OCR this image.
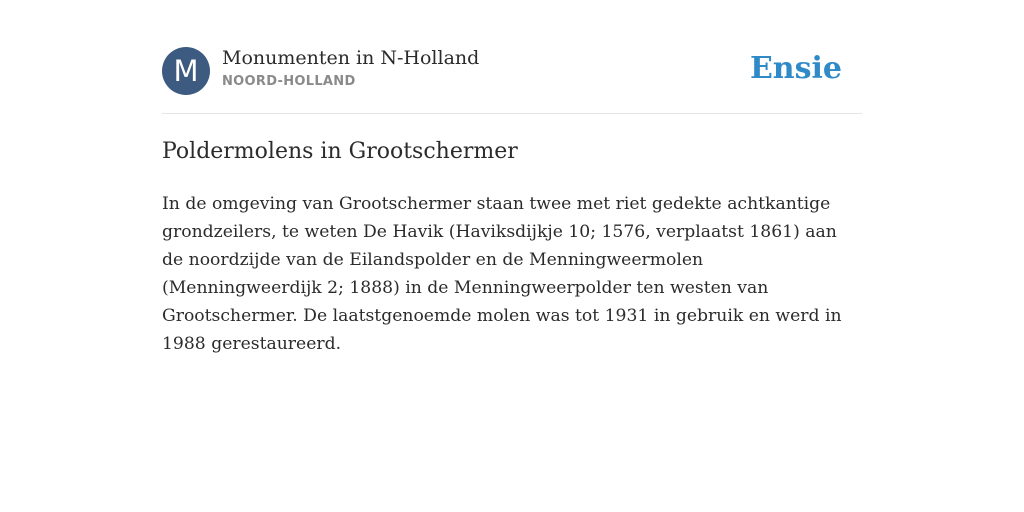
M	Monumenten in N-Holland
NOORD-HOLLAND	Ensie
Poldermolens in Grootschermer

In de omgeving van Grootschermer staan twee met riet gedekte achtkantige grondzeilers, te weten De Havik (Haviksdijkje 10; 1576, verplaatst 1861) aan de noordzijde van de Eilandspolder en de Menningweermolen (Menningweerdijk 2; 1888) in de Menningweerpolder ten westen van Grootschermer. De laatstgenoemde molen was tot 1931 in gebruik en werd in 1988 gerestaureerd.
